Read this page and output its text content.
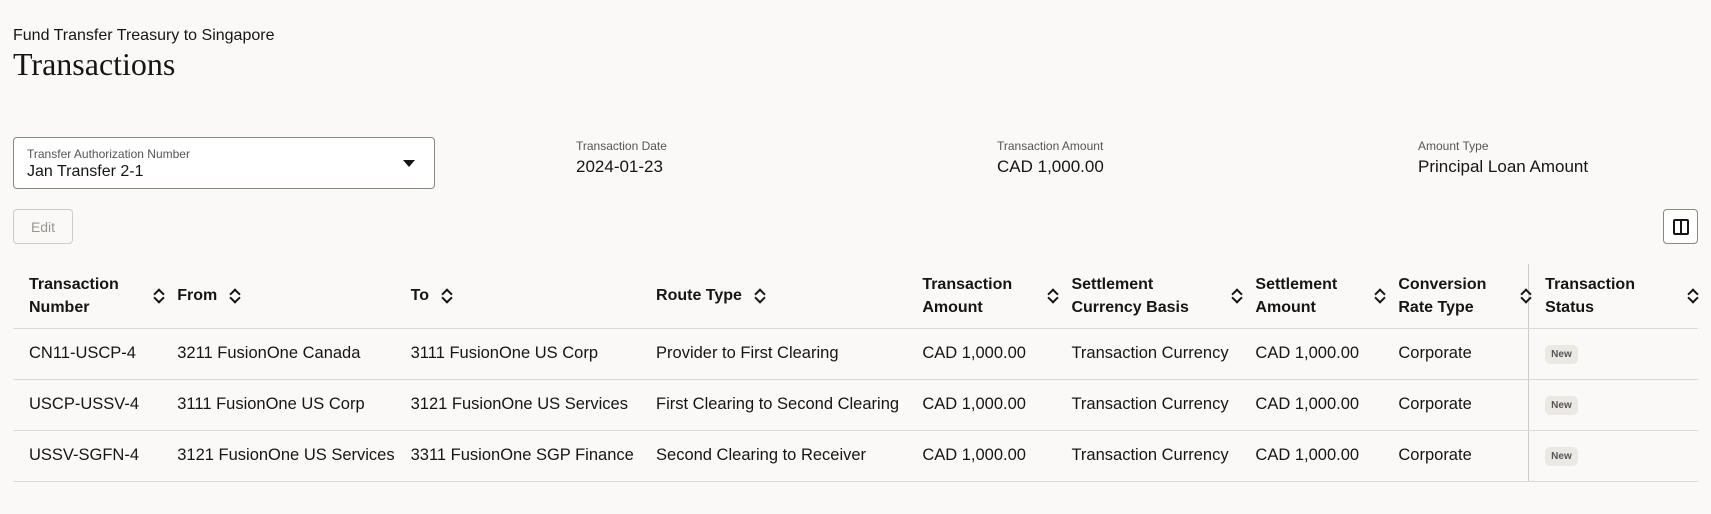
Fund Transfer Treasury to Singapore
Transactions
Transfer Authorization Number
Jan Transfer 2-1
Transaction Date
2024-01-23
Transaction Amount
CAD 1,000.00
Amount Type
Principal Loan Amount
Edit
Transaction Number	From	To	Route Type	Transaction Amount	Settlement Currency Basis	Settlement Amount	Conversion Rate Type	Transaction Status

CN11-USCP-4	3211 FusionOne Canada	3111 FusionOne US Corp	Provider to First Clearing	CAD 1,000.00	Transaction Currency	CAD 1,000.00	Corporate	New
USCP-USSV-4	3111 FusionOne US Corp	3121 FusionOne US Services	First Clearing to Second Clearing	CAD 1,000.00	Transaction Currency	CAD 1,000.00	Corporate	New
USSV-SGFN-4	3121 FusionOne US Services	3311 FusionOne SGP Finance	Second Clearing to Receiver	CAD 1,000.00	Transaction Currency	CAD 1,000.00	Corporate	New
